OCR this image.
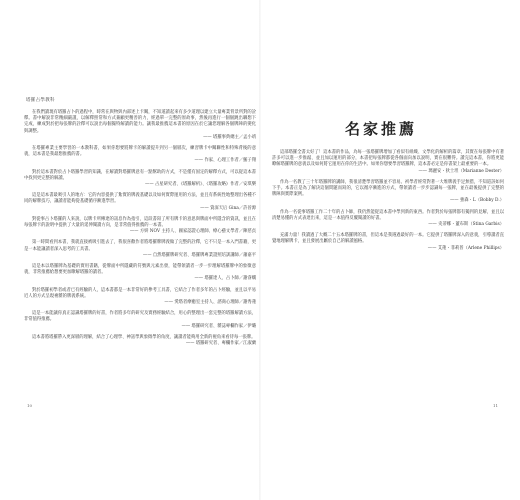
塔羅占學教科

在我們讀現有塔羅占卜的過程中，時常在與物與內部述上卡關，不知道讀起來有多少道理以建立大量專業背景所對的詮釋。書中解說非常精細嚴謹，以解釋照常和方式兼顧更精善的力，經過單一完整的原故事，然後再進行一個個跳出聯想下完成，練成對於把每張牌的詮釋可以說出每個獨特解讀的能力。讓我最推薦這本書的原因在於它讓您理解各個牌陣的變化與調整。

—— 塔羅事典總主／孟小靖

在塔羅專業主要學習的一本教科書，如果你想要將牌卡的解讀提升到另一個層次，練習牌卡中關聯性和特殊背後的意義，這本書是我最想推薦的書。

—— 作家、心理工作者／鮪子翔

對於這本書對於占卜塔羅學習的知識，在解讀對塔羅牌意有一點幫助的方式，不是僅有固定的解釋方式，可以從這本書中找到更完整的解讀。

—— 占星研究者、《塔羅解析》、《塔羅攻略》作者／安琪樂

這是這本書最吸引人的地方：它的內容提供了紮實的牌義基礎以及如何實際運用的方法，並且有系統性地整理出各種不同的解牌技巧，讓讀者能夠從基礎循序漸進學習。

—— 資深天后 Gina／許晉源

對從事占卜塔羅的人來說，以牌卡所傳達的訊息作為指引，這段書寫了所有牌卡的意思與牌面中所隱含的資訊，並且在每張牌卡的說明中提供了大量的延伸閱讀方向，是非常值得推薦的一本書。

—— 方妍 NOV 主持人、國家認證心理師、療心藝文學者／陳慈貞

第一時間看到本書，我就直接被吸引進去了，我很喜歡作者將塔羅牌牌義做了完整的詮釋，它不只是一本入門書籍，更是一本能讓讀者深入思考的工具書。

—— 自然塔羅牌研究者、塔羅牌專業證照培訓講師／蕭嘉平

這是本以塔羅牌為基礎的實用書籍，從牌面中所隱藏的符號與元素出發，能帶領讀者一步一步理解塔羅牌中的象徵意義，非常推薦給想要更加瞭解塔羅的讀者。

—— 塔羅達人、占卜師／謝睿嫻

對於塔羅初學者或者已有經驗的人，這本書都是一本非常好的參考工具書，它結合了作者多年的占卜經驗，並且以平易近人的方式呈現複雜的牌義系統。

—— 愛塔者療癒室主持人、諮商心理師／謝秀蓮

這是一本能讓你真正認識塔羅牌的好書，作者將多年的研究及實務經驗結合，用心的整理出一套完整的塔羅解讀方法，非常值得推薦。

—— 塔羅研究者、雜誌專欄作家／伊璐

這本書將塔羅帶入更深層的理解，結合了心理學、神話學與象徵學的角度，讓讀者能夠用全新的視角來看待每一張牌。

—— 塔羅研究者、專欄作家／江淑蘭

名家推薦

這部塔羅全書太好了！這本書的作品，為每一張塔羅牌增加了看似有組織、文學化的解析的篇章，其實在每張牌中有著許多可以進一步推敲、並且加以運用的部分，本書把每張牌都從各個面向加以說明，實在很難得。讀完這本書，你將更能瞭解塔羅牌的意義以及如何將它運用在你的生活中。如果你想要學習塔羅牌，這本書必定是你書架上最重要的一本。

—— 瑪麗安・狄士坦（Marianne Dester）

作為一名教了三十年塔羅牌的講師，我很清楚學習塔羅並不容易。初學者經常對著一大堆牌義手足無措，不知道該如何下手。本書正是為了解決這個問題而寫的，它以循序漸進的方式，帶領讀者一步步認識每一張牌，並在最後提供了完整的牌陣與實際案例。

—— 強森・L（Bobby D.）

作為一名從事塔羅工作二十年的占卜師，我仍然能從這本書中學到新的東西。作者對於每張牌都有獨到的見解，並且以清楚易懂的方式表達出來，這是一本值得反覆閱讀的好書。

—— 史蒂娜・蓋布斯（Stina Garbis）

充滿力量！我讀過了大概二十五本塔羅牌的書，但這本是我遇過最好的一本。它提供了塔羅牌深入的意義，引導讀者直覺地理解牌卡，並且發展出屬於自己的解讀風格。

—— 艾蓮・菲莉普（Arlene Phillips）

10	11
